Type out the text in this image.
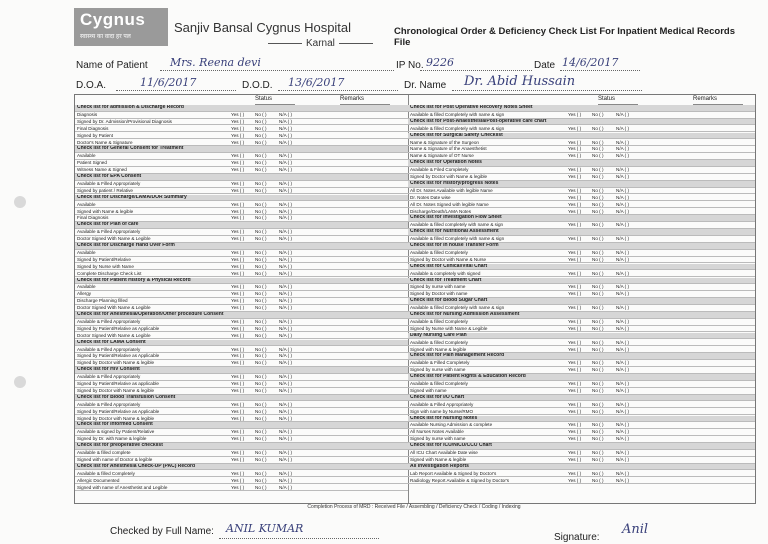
Cygnus
स्वास्थ्य का वादा हर पल
Sanjiv Bansal Cygnus Hospital
Karnal
Chronological Order & Deficiency Check List For Inpatient Medical Records File
Name of Patient Mrs. Reena devi	IP No. 9226	Date 14/6/2017
D.O.A.	11/6/2017	D.O.D. 13/6/2017	Dr. Name Dr. Abid Hussain
Status	Remarks
Check list for admission & Discharge Record
Diagnosis	Yes ( ) No ( )	N/A ( )
Signed by Dr. Admission/Provisional Diagnosis	Yes ( ) No ( )	N/A ( )
Final Diagnosis	Yes ( ) No ( )	N/A ( )
Signed by Patient	Yes ( ) No ( )	N/A ( )
Doctor's Name & Signature	Yes ( ) No ( )	N/A ( )
Check list for General Consent for Treatment
Available	Yes ( ) No ( )	N/A ( )
Patient Signed	Yes ( ) No ( )	N/A ( )
Witness Name & Signed	Yes ( ) No ( )	N/A ( )
Check list for EPA Consent
Available & Filled Appropriately	Yes ( ) No ( )	N/A ( )
Signed by patient / Relative	Yes ( ) No ( )	N/A ( )
Check list for Discharge/LAMA/DOR Summary
Available	Yes ( ) No ( )	N/A ( )
Signed with Name & legible	Yes ( ) No ( )	N/A ( )
Final Diagnosis	Yes ( ) No ( )	N/A ( )
Check list for Plan of care
Available & Filled Appropriately	Yes ( ) No ( )	N/A ( )
Doctor Signed With Name & Legible	Yes ( ) No ( )	N/A ( )
Check list for Discharge Hand Over Form
Available	Yes ( ) No ( )	N/A ( )
Signed by Patient/Relative	Yes ( ) No ( )	N/A ( )
Signed by Nurse with Name	Yes ( ) No ( )	N/A ( )
Complete Discharge Check List	Yes ( ) No ( )	N/A ( )
Check list for Patient History & Physical Record
Available	Yes ( ) No ( )	N/A ( )
Allergy	Yes ( ) No ( )	N/A ( )
Discharge Planning filled	Yes ( ) No ( )	N/A ( )
Doctor Signed With Name & Legible	Yes ( ) No ( )	N/A ( )
Check list for Anesthesia/Operation/Other procedure Consent
Available & Filled Appropriately	Yes ( ) No ( )	N/A ( )
Signed by Patient/Relative as Applicable	Yes ( ) No ( )	N/A ( )
Doctor Signed With Name & Legible	Yes ( ) No ( )	N/A ( )
Check list for LAMA Consent
Available & Filled Appropriately	Yes ( ) No ( )	N/A ( )
Signed by Patient/Relative as Applicable	Yes ( ) No ( )	N/A ( )
Signed by Doctor with Name & legible	Yes ( ) No ( )	N/A ( )
Check list for HIV Consent
Available & Filled Appropriately	Yes ( ) No ( )	N/A ( )
Signed by Patient/Relative as applicable	Yes ( ) No ( )	N/A ( )
Signed by Doctor with Name & legible	Yes ( ) No ( )	N/A ( )
Check list for Blood Transfusion Consent
Available & Filled Appropriately	Yes ( ) No ( )	N/A ( )
Signed by Patient/Relative as Applicable	Yes ( ) No ( )	N/A ( )
Signed by Doctor with Name & legible	Yes ( ) No ( )	N/A ( )
Check list for Informed Consent
Available & signed by Patient/Relative	Yes ( ) No ( )	N/A ( )
Signed by Dr. with Name & legible	Yes ( ) No ( )	N/A ( )
Check list for preoperative checklist
Available & filled complete	Yes ( ) No ( )	N/A ( )
Signed with name of Doctor & legible	Yes ( ) No ( )	N/A ( )
Check list for Anesthesia Check-UP (PAC) Record
Available & filled Completely	Yes ( ) No ( )	N/A ( )
Allergic Documented	Yes ( ) No ( )	N/A ( )
Signed with name of Anesthetist and Legible	Yes ( ) No ( )	N/A ( )
Status	Remarks
Check list for Post Operative Recovery Notes Sheet
Available & filled Completely with name & sign	Yes ( ) No ( )	N/A ( )
Check list for Post-Anaesthesia/Post-operative care chart
Available & filled Completely with name & sign	Yes ( ) No ( )	N/A ( )
Check list for Surgical Safety Checklist
Name & Signature of the Surgeon	Yes ( ) No ( )	N/A ( )
Name & Signature of the Anaesthetist	Yes ( ) No ( )	N/A ( )
Name & Signature of OT Nurse	Yes ( ) No ( )	N/A ( )
Check list for Operation Notes
Available & Filed Completely	Yes ( ) No ( )	N/A ( )
Signed by Doctor with Name & legible	Yes ( ) No ( )	N/A ( )
Check list for History/progress Notes
All Dr. Notes Available with legible Name	Yes ( ) No ( )	N/A ( )
Dr. Notes Date wise	Yes ( ) No ( )	N/A ( )
All Dr. Notes Signed with legible Name	Yes ( ) No ( )	N/A ( )
Discharge/Death/LAMA Notes	Yes ( ) No ( )	N/A ( )
Check list for Investigation Flow Sheet
Available & filled completely with name & sign	Yes ( ) No ( )	N/A ( )
Check list for Nutritional Assessment
Available & filled Completely with name & sign	Yes ( ) No ( )	N/A ( )
Check list for In house Transfer Form
Available & filled Completely	Yes ( ) No ( )	N/A ( )
Signed by Doctor with Name & Nurse	Yes ( ) No ( )	N/A ( )
Check list for Clinical/Vital Chart
Available & completely with signed	Yes ( ) No ( )	N/A ( )
Check list for Treatment Chart
Signed by nurse with name	Yes ( ) No ( )	N/A ( )
Signed by Doctor with name	Yes ( ) No ( )	N/A ( )
Check list for Blood Sugar Chart
Available & filled Completely with name & sign	Yes ( ) No ( )	N/A ( )
Check list for Nursing Admission Assessment
Available & filled Completely	Yes ( ) No ( )	N/A ( )
Signed by Nurse with Name & Legible	Yes ( ) No ( )	N/A ( )
Daily Nursing Care Plan
Available & filled Completely	Yes ( ) No ( )	N/A ( )
Signed with Name & legible	Yes ( ) No ( )	N/A ( )
Check list for Pain Management Record
Available & Filled Completely	Yes ( ) No ( )	N/A ( )
Signed by nurse with name	Yes ( ) No ( )	N/A ( )
Check list for Patient Rights & Education Record
Available & filled Completely	Yes ( ) No ( )	N/A ( )
Signed with name	Yes ( ) No ( )	N/A ( )
Check list for I/O Chart
Available & Filled Appropriately	Yes ( ) No ( )	N/A ( )
Sign with name by Nurse/RMO	Yes ( ) No ( )	N/A ( )
Check list for Nursing Notes
Available Nursing Admission & complete	Yes ( ) No ( )	N/A ( )
All Nurses Notes Available	Yes ( ) No ( )	N/A ( )
Signed by nurse with name	Yes ( ) No ( )	N/A ( )
Check list for ICU/NICU/CCU Chart
All ICU Chart Available Date wise	Yes ( ) No ( )	N/A ( )
Signed with Name & legible	Yes ( ) No ( )	N/A ( )
All Investigation Reports
Lab Report Available & Signed by Doctor's	Yes ( ) No ( )	N/A ( )
Radiology Report Available & Signed by Doctor's	Yes ( ) No ( )	N/A ( )
Completion Process of MRD : Received File / Assembling / Deficiency Check / Coding / Indexing
Checked by Full Name: ANIL KUMAR
Signature:
Anil
